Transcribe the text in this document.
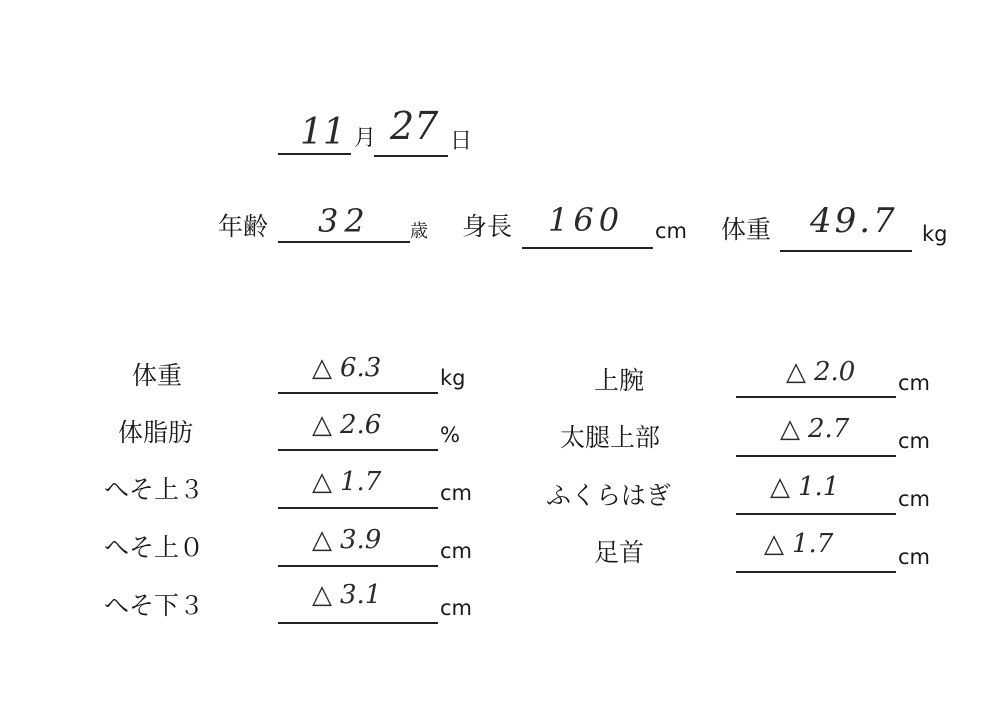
11 月 27 日
年齢 32 歳 身長 160 cm 体重 49.7 kg
体重	△ 6.3	kg
体脂肪	△ 2.6	%
へそ上３	△ 1.7	cm
へそ上０	△ 3.9	cm
へそ下３	△ 3.1	cm
上腕	△ 2.0 cm
太腿上部	△ 2.7 cm
ふくらはぎ	△ 1.1	cm
足首	△ 1.7	cm
